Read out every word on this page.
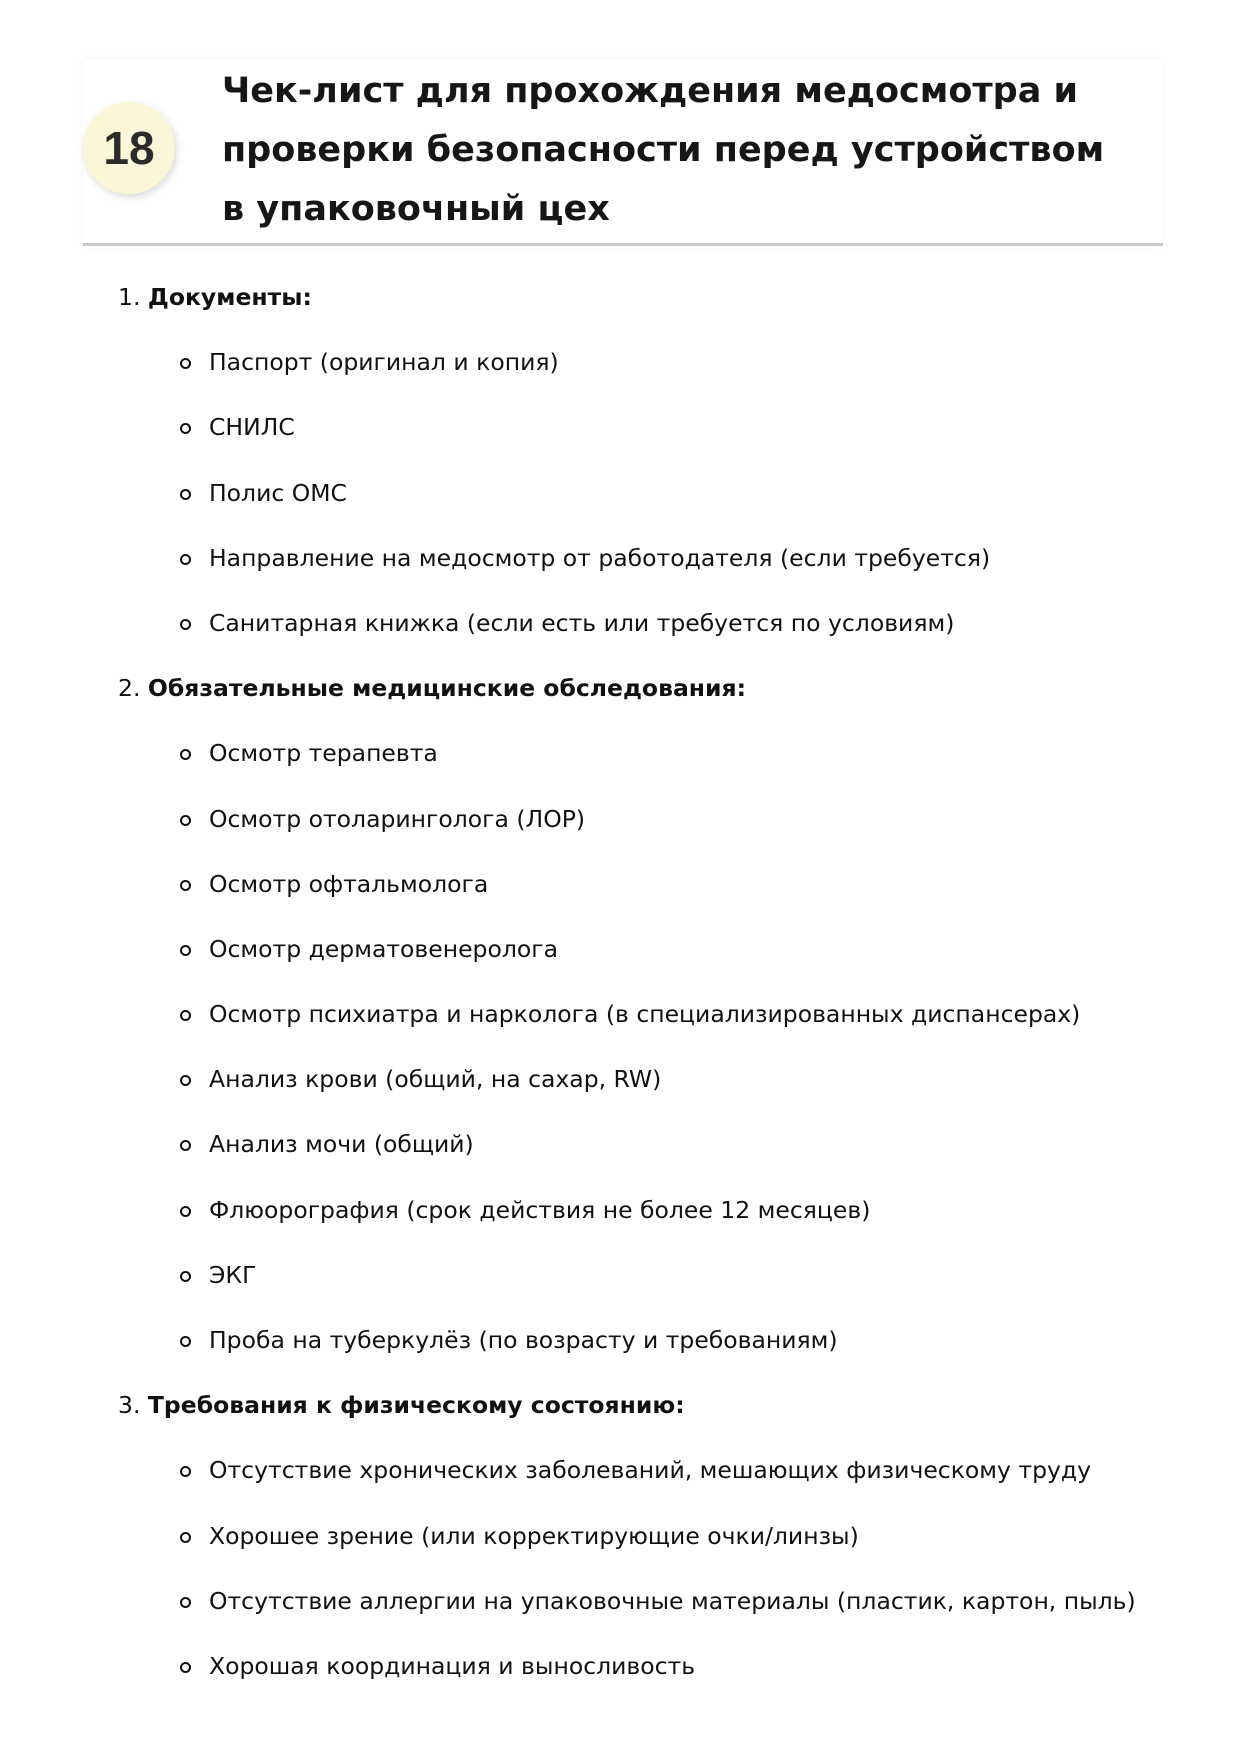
18
Чек-лист для прохождения медосмотра и проверки безопасности перед устройством в упаковочный цех
1. Документы:
Паспорт (оригинал и копия)
СНИЛС
Полис ОМС
Направление на медосмотр от работодателя (если требуется)
Санитарная книжка (если есть или требуется по условиям)
2. Обязательные медицинские обследования:
Осмотр терапевта
Осмотр отоларинголога (ЛОР)
Осмотр офтальмолога
Осмотр дерматовенеролога
Осмотр психиатра и нарколога (в специализированных диспансерах)
Анализ крови (общий, на сахар, RW)
Анализ мочи (общий)
Флюорография (срок действия не более 12 месяцев)
ЭКГ
Проба на туберкулёз (по возрасту и требованиям)
3. Требования к физическому состоянию:
Отсутствие хронических заболеваний, мешающих физическому труду
Хорошее зрение (или корректирующие очки/линзы)
Отсутствие аллергии на упаковочные материалы (пластик, картон, пыль)
Хорошая координация и выносливость
